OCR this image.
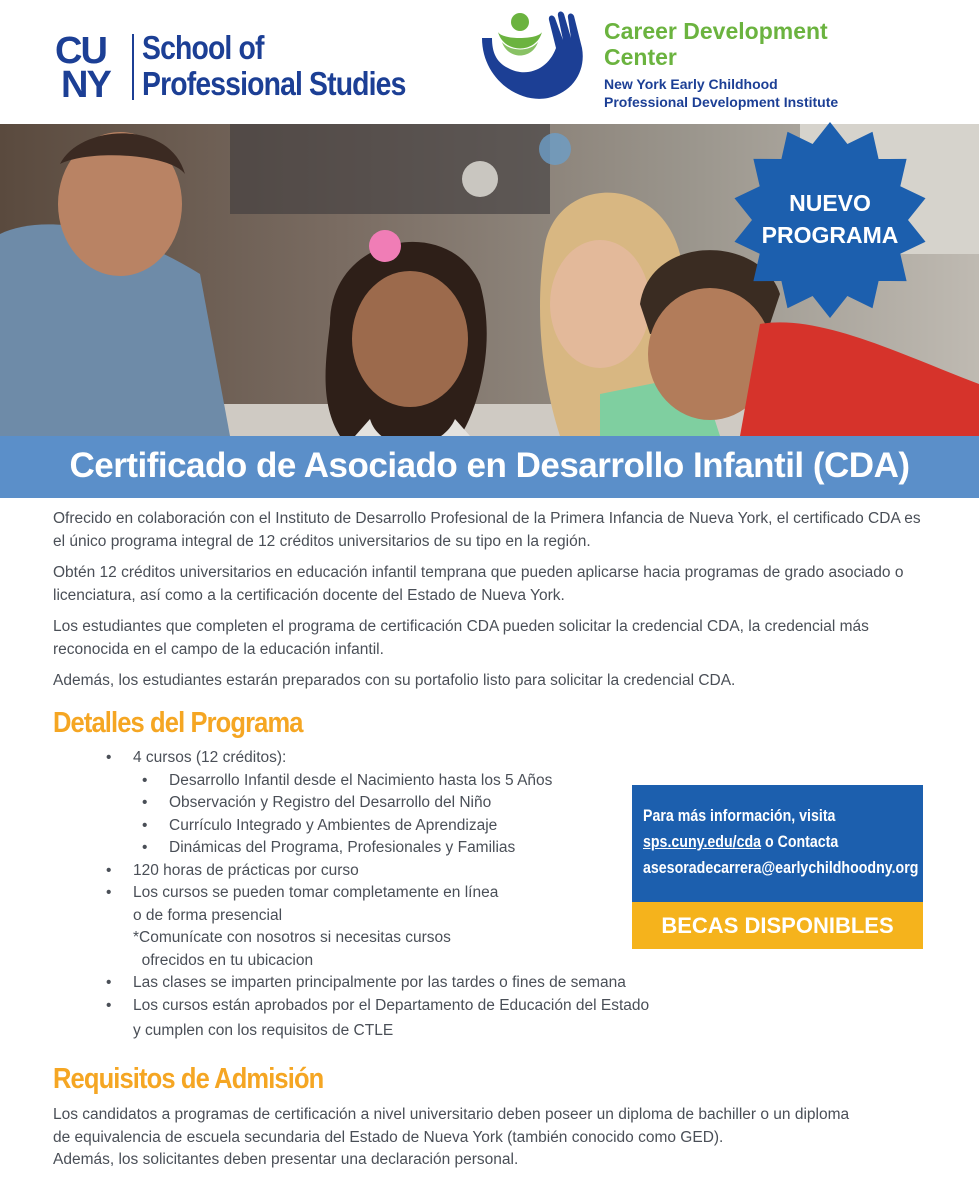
CU
NY
School of
Professional Studies
Career Development
Center
New York Early Childhood
Professional Development Institute
NUEVO
PROGRAMA
Certificado de Asociado en Desarrollo Infantil (CDA)

Ofrecido en colaboración con el Instituto de Desarrollo Profesional de la Primera Infancia de Nueva York, el certificado CDA es el único programa integral de 12 créditos universitarios de su tipo en la región.

Obtén 12 créditos universitarios en educación infantil temprana que pueden aplicarse hacia programas de grado asociado o licenciatura, así como a la certificación docente del Estado de Nueva York.

Los estudiantes que completen el programa de certificación CDA pueden solicitar la credencial CDA, la credencial más reconocida en el campo de la educación infantil.

Además, los estudiantes estarán preparados con su portafolio listo para solicitar la credencial CDA.

Detalles del Programa
• 4 cursos (12 créditos):
• Desarrollo Infantil desde el Nacimiento hasta los 5 Años
• Observación y Registro del Desarrollo del Niño
• Currículo Integrado y Ambientes de Aprendizaje
• Dinámicas del Programa, Profesionales y Familias
• 120 horas de prácticas por curso
• Los cursos se pueden tomar completamente en línea
o de forma presencial
*Comunícate con nosotros si necesitas cursos
ofrecidos en tu ubicacion
• Las clases se imparten principalmente por las tardes o fines de semana
• Los cursos están aprobados por el Departamento de Educación del Estado
y cumplen con los requisitos de CTLE
Para más información, visita
sps.cuny.edu/cda o Contacta
asesoradecarrera@earlychildhoodny.org
BECAS DISPONIBLES
Requisitos de Admisión

Los candidatos a programas de certificación a nivel universitario deben poseer un diploma de bachiller o un diploma

de equivalencia de escuela secundaria del Estado de Nueva York (también conocido como GED).

Además, los solicitantes deben presentar una declaración personal.
